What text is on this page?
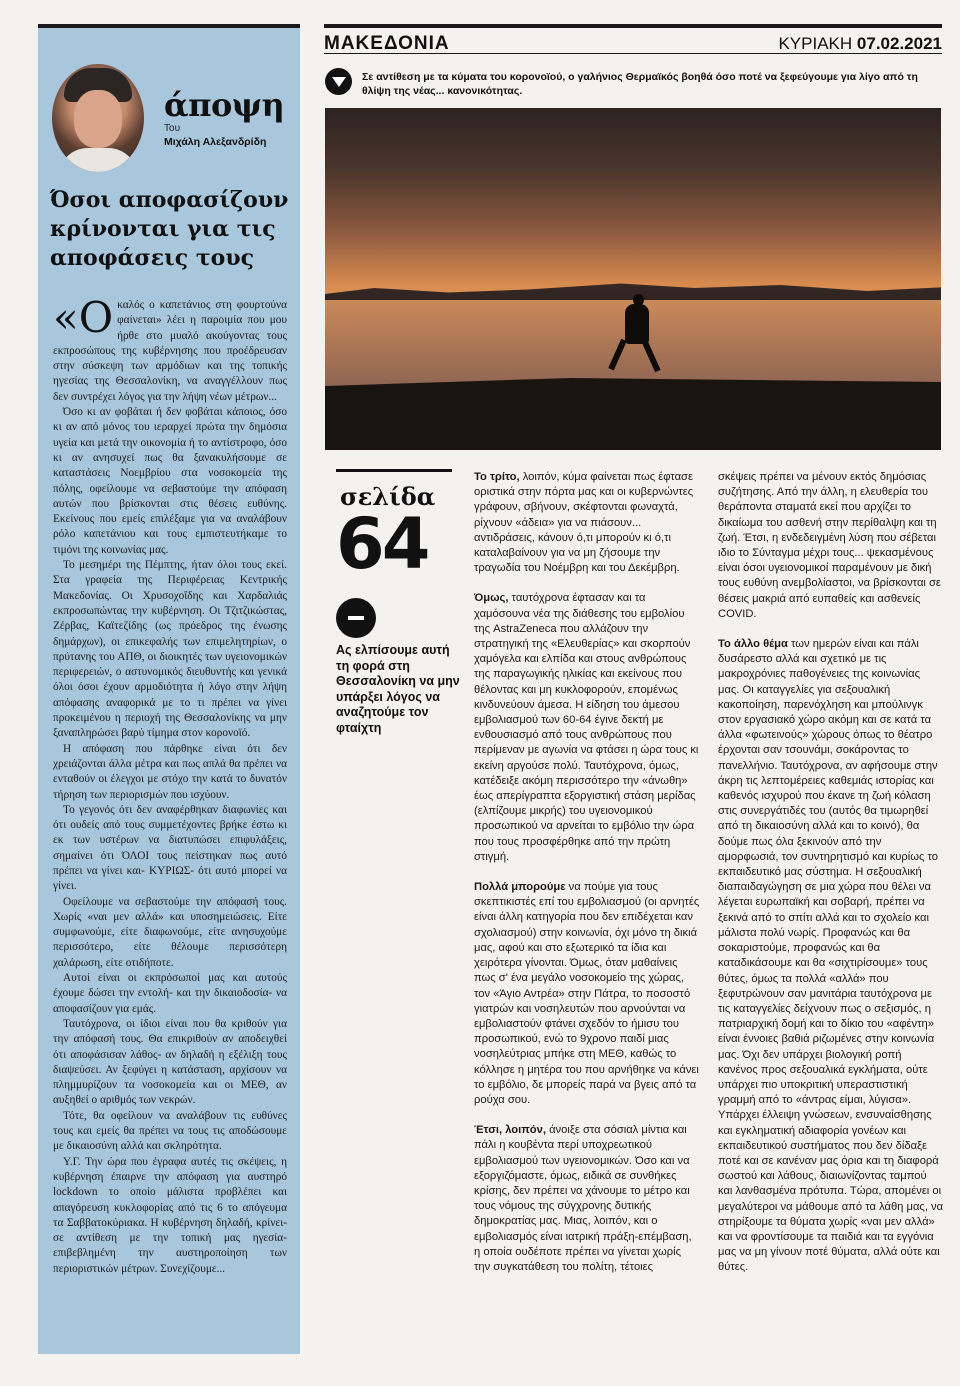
άποψη
Του
Μιχάλη Αλεξανδρίδη
Όσοι αποφασίζουν κρίνονται για τις αποφάσεις τους

«Ο καλός ο καπετάνιος στη φουρτούνα φαίνεται» λέει η παροιμία που μου ήρθε στο μυαλό ακούγοντας τους εκπροσώπους της κυβέρνησης που προέδρευσαν στην σύσκεψη των αρμόδιων και της τοπικής ηγεσίας της Θεσσαλονίκη, να αναγγέλλουν πως δεν συντρέχει λόγος για την λήψη νέων μέτρων...

Όσο κι αν φοβάται ή δεν φοβάται κάποιος, όσο κι αν από μόνος του ιεραρχεί πρώτα την δημόσια υγεία και μετά την οικονομία ή το αντίστροφο, όσο κι αν ανησυχεί πως θα ξανακυλήσουμε σε καταστάσεις Νοεμβρίου στα νοσοκομεία της πόλης, οφείλουμε να σεβαστούμε την απόφαση αυτών που βρίσκονται στις θέσεις ευθύνης. Εκείνους που εμείς επιλέξαμε για να αναλάβουν ρόλο καπετάνιου και τους εμπιστευτήκαμε το τιμόνι της κοινωνίας μας.

Το μεσημέρι της Πέμπτης, ήταν όλοι τους εκεί. Στα γραφεία της Περιφέρειας Κεντρικής Μακεδονίας. Οι Χρυσοχοΐδης και Χαρδαλιάς εκπροσωπώντας την κυβέρνηση. Οι Τζιτζικώστας, Ζέρβας, Καϊτεζίδης (ως πρόεδρος της ένωσης δημάρχων), οι επικεφαλής των επιμελητηρίων, ο πρύτανης του ΑΠΘ, οι διοικητές των υγειονομικών περιφερειών, ο αστυνομικός διευθυντής και γενικά όλοι όσοι έχουν αρμοδιότητα ή λόγο στην λήψη απόφασης αναφορικά με το τι πρέπει να γίνει προκειμένου η περιοχή της Θεσσαλονίκης να μην ξαναπληρώσει βαρύ τίμημα στον κορονοϊό.

Η απόφαση που πάρθηκε είναι ότι δεν χρειάζονται άλλα μέτρα και πως απλά θα πρέπει να ενταθούν οι έλεγχοι με στόχο την κατά το δυνατόν τήρηση των περιορισμών που ισχύουν.

Το γεγονός ότι δεν αναφέρθηκαν διαφωνίες και ότι ουδείς από τους συμμετέχοντες βρήκε έστω κι εκ των υστέρων να διατυπώσει επιφυλάξεις, σημαίνει ότι ΌΛΟΙ τους πείστηκαν πως αυτό πρέπει να γίνει και- ΚΥΡΙΩΣ- ότι αυτό μπορεί να γίνει.

Οφείλουμε να σεβαστούμε την απόφασή τους. Χωρίς «ναι μεν αλλά» και υποσημειώσεις. Είτε συμφωνούμε, είτε διαφωνούμε, είτε ανησυχούμε περισσότερο, είτε θέλουμε περισσότερη χαλάρωση, είτε οτιδήποτε.

Αυτοί είναι οι εκπρόσωποί μας και αυτούς έχουμε δώσει την εντολή- και την δικαιοδοσία- να αποφασίζουν για εμάς.

Ταυτόχρονα, οι ίδιοι είναι που θα κριθούν για την απόφασή τους. Θα επικριθούν αν αποδειχθεί ότι αποφάσισαν λάθος- αν δηλαδή η εξέλιξη τους διαψεύσει. Αν ξεφύγει η κατάσταση, αρχίσουν να πλημμυρίζουν τα νοσοκομεία και οι ΜΕΘ, αν αυξηθεί ο αριθμός των νεκρών.

Τότε, θα οφείλουν να αναλάβουν τις ευθύνες τους και εμείς θα πρέπει να τους τις αποδώσουμε με δικαιοσύνη αλλά και σκληρότητα.

Υ.Γ. Την ώρα που έγραφα αυτές τις σκέψεις, η κυβέρνηση έπαιρνε την απόφαση για αυστηρό lockdown το οποίο μάλιστα προβλέπει και απαγόρευση κυκλοφορίας από τις 6 το απόγευμα τα Σαββατοκύριακα. Η κυβέρνηση δηλαδή, κρίνει- σε αντίθεση με την τοπική μας ηγεσία- επιβεβλημένη την αυστηροποίηση των περιοριστικών μέτρων. Συνεχίζουμε...

ΜΑΚΕΔΟΝΙΑ	ΚΥΡΙΑΚΗ 07.02.2021
Σε αντίθεση με τα κύματα του κορονοϊού, ο γαλήνιος Θερμαϊκός βοηθά όσο ποτέ να ξεφεύγουμε για λίγο από τη θλίψη της νέας... κανονικότητας.
σελίδα
64
Ας ελπίσουμε αυτή τη φορά στη Θεσσαλονίκη να μην υπάρξει λόγος να αναζητούμε τον φταίχτη

Το τρίτο, λοιπόν, κύμα φαίνεται πως έφτασε οριστικά στην πόρτα μας και οι κυβερνώντες γράφουν, σβήνουν, σκέφτονται φωναχτά, ρίχνουν «άδεια» για να πιάσουν... αντιδράσεις, κάνουν ό,τι μπορούν κι ό,τι καταλαβαίνουν για να μη ζήσουμε την τραγωδία του Νοέμβρη και του Δεκέμβρη.

Όμως, ταυτόχρονα έφτασαν και τα χαμόσουνα νέα της διάθεσης του εμβολίου της AstraZeneca που αλλάζουν την στρατηγική της «Ελευθερίας» και σκορπούν χαμόγελα και ελπίδα και στους ανθρώπους της παραγωγικής ηλικίας και εκείνους που θέλοντας και μη κυκλοφορούν, επομένως κινδυνεύουν άμεσα. Η είδηση του άμεσου εμβολιασμού των 60-64 έγινε δεκτή με ενθουσιασμό από τους ανθρώπους που περίμεναν με αγωνία να φτάσει η ώρα τους κι εκείνη αργούσε πολύ. Ταυτόχρονα, όμως, κατέδειξε ακόμη περισσότερο την «άνωθη» έως απερίγραπτα εξοργιστική στάση μερίδας (ελπίζουμε μικρής) του υγειονομικού προσωπικού να αρνείται το εμβόλιο την ώρα που τους προσφέρθηκε από την πρώτη στιγμή.

Πολλά μπορούμε να πούμε για τους σκεπτικιστές επί του εμβολιασμού (οι αρνητές είναι άλλη κατηγορία που δεν επιδέχεται καν σχολιασμού) στην κοινωνία, όχι μόνο τη δικιά μας, αφού και στο εξωτερικό τα ίδια και χειρότερα γίνονται. Όμως, όταν μαθαίνεις πως σ' ένα μεγάλο νοσοκομείο της χώρας, τον «Άγιο Αντρέα» στην Πάτρα, το ποσοστό γιατρών και νοσηλευτών που αρνούνται να εμβολιαστούν φτάνει σχεδόν το ήμισυ του προσωπικού, ενώ το 9χρονο παιδί μιας νοσηλεύτριας μπήκε στη ΜΕΘ, καθώς το κόλλησε η μητέρα του που αρνήθηκε να κάνει το εμβόλιο, δε μπορείς παρά να βγεις από τα ρούχα σου.

Έτσι, λοιπόν, άνοιξε στα σόσιαλ μίντια και πάλι η κουβέντα περί υποχρεωτικού εμβολιασμού των υγειονομικών. Όσο και να εξοργιζόμαστε, όμως, ειδικά σε συνθήκες κρίσης, δεν πρέπει να χάνουμε το μέτρο και τους νόμους της σύγχρονης δυτικής δημοκρατίας μας. Μιας, λοιπόν, και ο εμβολιασμός είναι ιατρική πράξη-επέμβαση, η οποία ουδέποτε πρέπει να γίνεται χωρίς την συγκατάθεση του πολίτη, τέτοιες

σκέψεις πρέπει να μένουν εκτός δημόσιας συζήτησης. Από την άλλη, η ελευθερία του θεράποντα σταματά εκεί που αρχίζει το δικαίωμα του ασθενή στην περίθαλψη και τη ζωή. Έτσι, η ενδεδειγμένη λύση που σέβεται ιδιο το Σύνταγμα μέχρι τους... ψεκασμένους είναι όσοι υγειονομικοί παραμένουν με δική τους ευθύνη ανεμβολίαστοι, να βρίσκονται σε θέσεις μακριά από ευπαθείς και ασθενείς COVID.

Το άλλο θέμα των ημερών είναι και πάλι δυσάρεστο αλλά και σχετικό με τις μακροχρόνιες παθογένειες της κοινωνίας μας. Οι καταγγελίες για σεξουαλική κακοποίηση, παρενόχληση και μπούλινγκ στον εργασιακό χώρο ακόμη και σε κατά τα άλλα «φωτεινούς» χώρους όπως το θέατρο έρχονται σαν τσουνάμι, σοκάροντας το πανελλήνιο. Ταυτόχρονα, αν αφήσουμε στην άκρη τις λεπτομέρειες καθεμιάς ιστορίας και καθενός ισχυρού που έκανε τη ζωή κόλαση στις συνεργάτιδές του (αυτός θα τιμωρηθεί από τη δικαιοσύνη αλλά και το κοινό), θα δούμε πως όλα ξεκινούν από την αμορφωσιά, τον συντηρητισμό και κυρίως το εκπαιδευτικό μας σύστημα. Η σεξουαλική διαπαιδαγώγηση σε μια χώρα που θέλει να λέγεται ευρωπαϊκή και σοβαρή, πρέπει να ξεκινά από το σπίτι αλλά και το σχολείο και μάλιστα πολύ νωρίς. Προφανώς και θα σοκαριστούμε, προφανώς και θα καταδικάσουμε και θα «σιχτιρίσουμε» τους θύτες, όμως τα πολλά «αλλά» που ξεφυτρώνουν σαν μανιτάρια ταυτόχρονα με τις καταγγελίες δείχνουν πως ο σεξισμός, η πατριαρχική δομή και το δίκιο του «αφέντη» είναι έννοιες βαθιά ριζωμένες στην κοινωνία μας. Όχι δεν υπάρχει βιολογική ροπή κανένος προς σεξουαλικά εγκλήματα, ούτε υπάρχει πιο υποκριτική υπεραστιστική γραμμή από το «άντρας είμαι, λύγισα». Υπάρχει έλλειψη γνώσεων, ενσυναίσθησης και εγκληματική αδιαφορία γονέων και εκπαιδευτικού συστήματος που δεν δίδαξε ποτέ και σε κανέναν μας όρια και τη διαφορά σωστού και λάθους, διαιωνίζοντας ταμπού και λανθασμένα πρότυπα. Τώρα, απομένει οι μεγαλύτεροι να μάθουμε από τα λάθη μας, να στηρίξουμε τα θύματα χωρίς «ναι μεν αλλά» και να φροντίσουμε τα παιδιά και τα εγγόνια μας να μη γίνουν ποτέ θύματα, αλλά ούτε και θύτες.
